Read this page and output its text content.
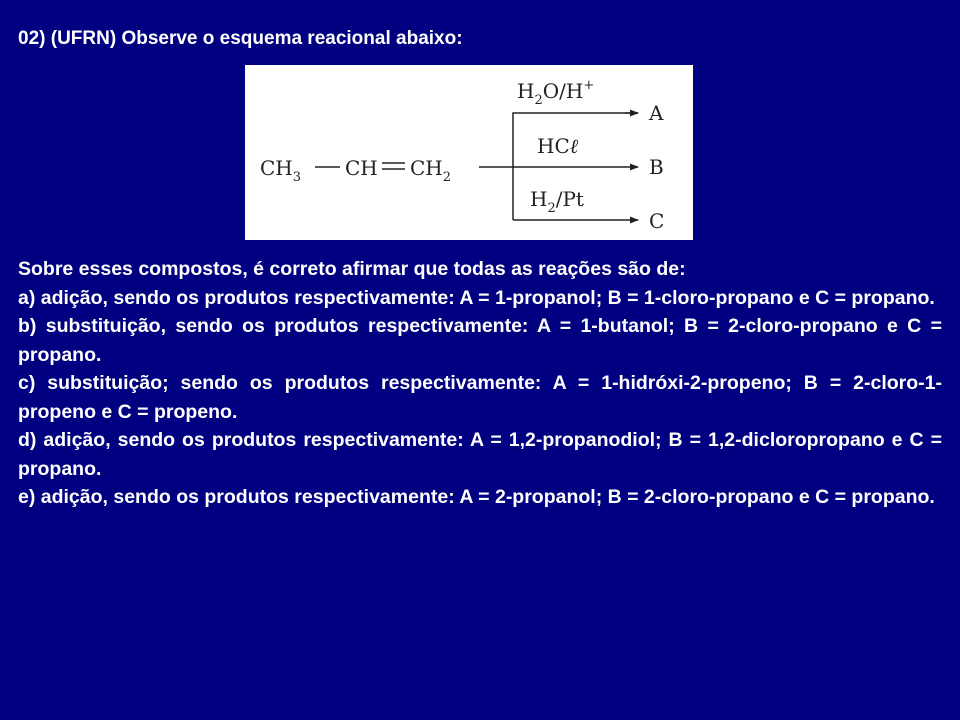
02) (UFRN) Observe o esquema reacional abaixo:
$CH_3$ CH $CH_2$
$H_2O/H^+$
HCℓ
$H_2/Pt$
A
B
C

Sobre esses compostos, é correto afirmar que todas as reações são de:

a) adição, sendo os produtos respectivamente: A = 1-propanol; B = 1-cloro-propano e C = propano.

b) substituição, sendo os produtos respectivamente: A = 1-butanol; B = 2-cloro-propano e C = propano.

c) substituição; sendo os produtos respectivamente: A = 1-hidróxi-2-propeno; B = 2-cloro-1-propeno e C = propeno.

d) adição, sendo os produtos respectivamente: A = 1,2-propanodiol; B = 1,2-dicloropropano e C = propano.

e) adição, sendo os produtos respectivamente: A = 2-propanol; B = 2-cloro-propano e C = propano.
